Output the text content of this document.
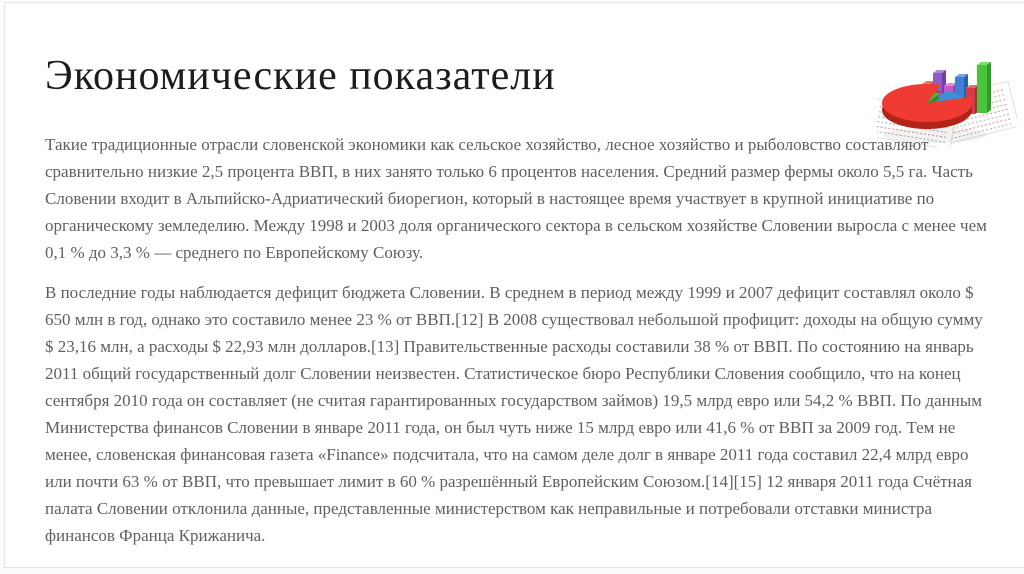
Экономические показатели

Такие традиционные отрасли словенской экономики как сельское хозяйство, лесное хозяйство и рыболовство составляют сравнительно низкие 2,5 процента ВВП, в них занято только 6 процентов населения. Средний размер фермы около 5,5 га. Часть Словении входит в Альпийско-Адриатический биорегион, который в настоящее время участвует в крупной инициативе по органическому земледелию. Между 1998 и 2003 доля органического сектора в сельском хозяйстве Словении выросла с менее чем 0,1 % до 3,3 % — среднего по Европейскому Союзу.

В последние годы наблюдается дефицит бюджета Словении. В среднем в период между 1999 и 2007 дефицит составлял около $ 650 млн в год, однако это составило менее 23 % от ВВП.[12] В 2008 существовал небольшой профицит: доходы на общую сумму $ 23,16 млн, а расходы $ 22,93 млн долларов.[13] Правительственные расходы составили 38 % от ВВП. По состоянию на январь 2011 общий государственный долг Словении неизвестен. Статистическое бюро Республики Словения сообщило, что на конец сентября 2010 года он составляет (не считая гарантированных государством займов) 19,5 млрд евро или 54,2 % ВВП. По данным Министерства финансов Словении в январе 2011 года, он был чуть ниже 15 млрд евро или 41,6 % от ВВП за 2009 год. Тем не менее, словенская финансовая газета «Finance» подсчитала, что на самом деле долг в январе 2011 года составил 22,4 млрд евро или почти 63 % от ВВП, что превышает лимит в 60 % разрешённый Европейским Союзом.[14][15] 12 января 2011 года Счётная палата Словении отклонила данные, представленные министерством как неправильные и потребовали отставки министра финансов Франца Крижанича.
